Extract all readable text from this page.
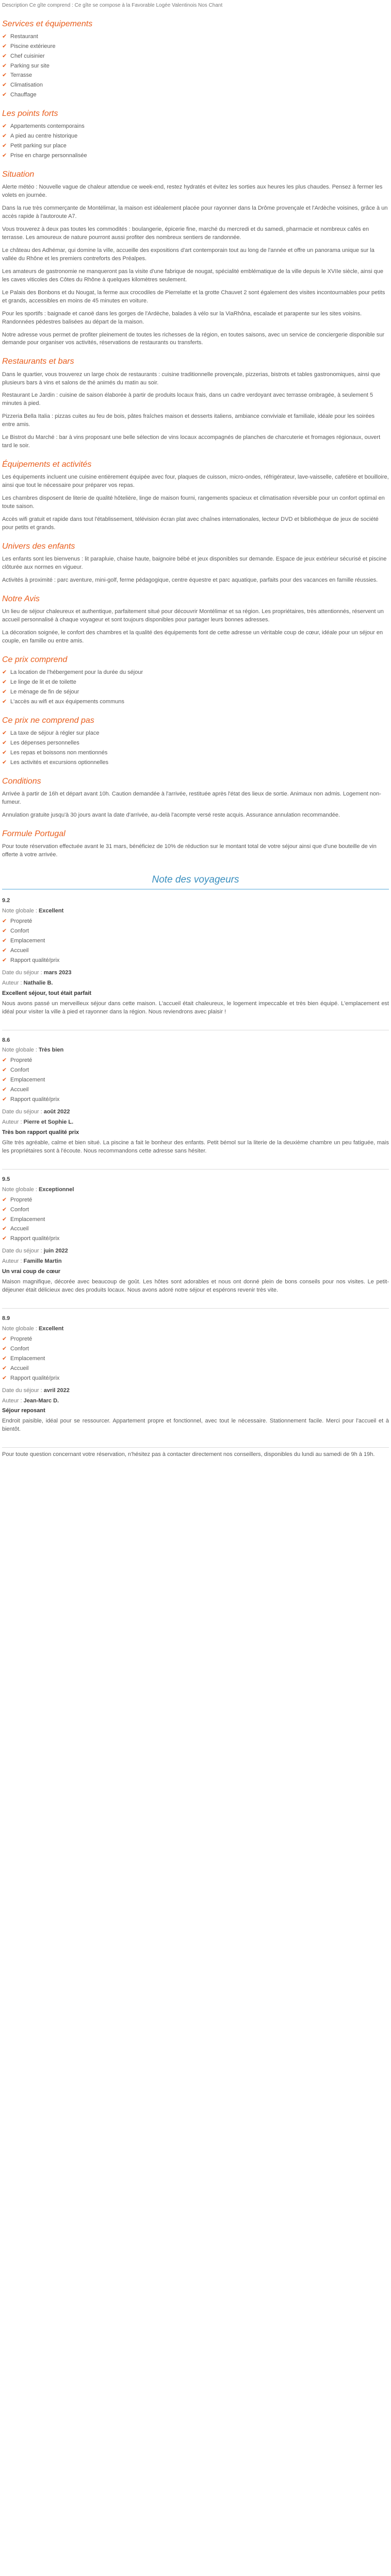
Description Ce gîte comprend : Ce gîte se compose à la Favorable Logée Valentinois Nos Chant
Services et équipements
✔ Restaurant
✔ Piscine extérieure
✔ Chef cuisinier
✔ Parking sur site
✔ Terrasse
✔ Climatisation
✔ Chauffage
Les points forts
✔ Appartements contemporains
✔ A pied au centre historique
✔ Petit parking sur place
✔ Prise en charge personnalisée
Situation

Alerte météo : Nouvelle vague de chaleur attendue ce week-end, restez hydratés et évitez les sorties aux heures les plus chaudes. Pensez à fermer les volets en journée.

Dans la rue très commerçante de Montélimar, la maison est idéalement placée pour rayonner dans la Drôme provençale et l'Ardèche voisines, grâce à un accès rapide à l'autoroute A7.

Vous trouverez à deux pas toutes les commodités : boulangerie, épicerie fine, marché du mercredi et du samedi, pharmacie et nombreux cafés en terrasse. Les amoureux de nature pourront aussi profiter des nombreux sentiers de randonnée.

Le château des Adhémar, qui domine la ville, accueille des expositions d'art contemporain tout au long de l'année et offre un panorama unique sur la vallée du Rhône et les premiers contreforts des Préalpes.

Les amateurs de gastronomie ne manqueront pas la visite d'une fabrique de nougat, spécialité emblématique de la ville depuis le XVIIe siècle, ainsi que les caves viticoles des Côtes du Rhône à quelques kilomètres seulement.

Le Palais des Bonbons et du Nougat, la ferme aux crocodiles de Pierrelatte et la grotte Chauvet 2 sont également des visites incontournables pour petits et grands, accessibles en moins de 45 minutes en voiture.

Pour les sportifs : baignade et canoë dans les gorges de l'Ardèche, balades à vélo sur la ViaRhôna, escalade et parapente sur les sites voisins. Randonnées pédestres balisées au départ de la maison.

Notre adresse vous permet de profiter pleinement de toutes les richesses de la région, en toutes saisons, avec un service de conciergerie disponible sur demande pour organiser vos activités, réservations de restaurants ou transferts.

Restaurants et bars

Dans le quartier, vous trouverez un large choix de restaurants : cuisine traditionnelle provençale, pizzerias, bistrots et tables gastronomiques, ainsi que plusieurs bars à vins et salons de thé animés du matin au soir.

Restaurant Le Jardin : cuisine de saison élaborée à partir de produits locaux frais, dans un cadre verdoyant avec terrasse ombragée, à seulement 5 minutes à pied.

Pizzeria Bella Italia : pizzas cuites au feu de bois, pâtes fraîches maison et desserts italiens, ambiance conviviale et familiale, idéale pour les soirées entre amis.

Le Bistrot du Marché : bar à vins proposant une belle sélection de vins locaux accompagnés de planches de charcuterie et fromages régionaux, ouvert tard le soir.

Équipements et activités

Les équipements incluent une cuisine entièrement équipée avec four, plaques de cuisson, micro-ondes, réfrigérateur, lave-vaisselle, cafetière et bouilloire, ainsi que tout le nécessaire pour préparer vos repas.

Les chambres disposent de literie de qualité hôtelière, linge de maison fourni, rangements spacieux et climatisation réversible pour un confort optimal en toute saison.

Accès wifi gratuit et rapide dans tout l'établissement, télévision écran plat avec chaînes internationales, lecteur DVD et bibliothèque de jeux de société pour petits et grands.

Univers des enfants

Les enfants sont les bienvenus : lit parapluie, chaise haute, baignoire bébé et jeux disponibles sur demande. Espace de jeux extérieur sécurisé et piscine clôturée aux normes en vigueur.

Activités à proximité : parc aventure, mini-golf, ferme pédagogique, centre équestre et parc aquatique, parfaits pour des vacances en famille réussies.

Notre Avis

Un lieu de séjour chaleureux et authentique, parfaitement situé pour découvrir Montélimar et sa région. Les propriétaires, très attentionnés, réservent un accueil personnalisé à chaque voyageur et sont toujours disponibles pour partager leurs bonnes adresses.

La décoration soignée, le confort des chambres et la qualité des équipements font de cette adresse un véritable coup de cœur, idéale pour un séjour en couple, en famille ou entre amis.

Ce prix comprend
✔ La location de l'hébergement pour la durée du séjour
✔ Le linge de lit et de toilette
✔ Le ménage de fin de séjour
✔ L'accès au wifi et aux équipements communs
Ce prix ne comprend pas
✔ La taxe de séjour à régler sur place
✔ Les dépenses personnelles
✔ Les repas et boissons non mentionnés
✔ Les activités et excursions optionnelles
Conditions

Arrivée à partir de 16h et départ avant 10h. Caution demandée à l'arrivée, restituée après l'état des lieux de sortie. Animaux non admis. Logement non-fumeur.

Annulation gratuite jusqu'à 30 jours avant la date d'arrivée, au-delà l'acompte versé reste acquis. Assurance annulation recommandée.

Formule Portugal

Pour toute réservation effectuée avant le 31 mars, bénéficiez de 10% de réduction sur le montant total de votre séjour ainsi que d'une bouteille de vin offerte à votre arrivée.

Note des voyageurs

9.2

Note globale : Excellent

✔ Propreté
✔ Confort
✔ Emplacement
✔ Accueil
✔ Rapport qualité/prix

Date du séjour : mars 2023

Auteur : Nathalie B.

Excellent séjour, tout était parfait

Nous avons passé un merveilleux séjour dans cette maison. L'accueil était chaleureux, le logement impeccable et très bien équipé. L'emplacement est idéal pour visiter la ville à pied et rayonner dans la région. Nous reviendrons avec plaisir !

8.6

Note globale : Très bien

✔ Propreté
✔ Confort
✔ Emplacement
✔ Accueil
✔ Rapport qualité/prix

Date du séjour : août 2022

Auteur : Pierre et Sophie L.

Très bon rapport qualité prix

Gîte très agréable, calme et bien situé. La piscine a fait le bonheur des enfants. Petit bémol sur la literie de la deuxième chambre un peu fatiguée, mais les propriétaires sont à l'écoute. Nous recommandons cette adresse sans hésiter.

9.5

Note globale : Exceptionnel

✔ Propreté
✔ Confort
✔ Emplacement
✔ Accueil
✔ Rapport qualité/prix

Date du séjour : juin 2022

Auteur : Famille Martin

Un vrai coup de cœur

Maison magnifique, décorée avec beaucoup de goût. Les hôtes sont adorables et nous ont donné plein de bons conseils pour nos visites. Le petit-déjeuner était délicieux avec des produits locaux. Nous avons adoré notre séjour et espérons revenir très vite.

8.9

Note globale : Excellent

✔ Propreté
✔ Confort
✔ Emplacement
✔ Accueil
✔ Rapport qualité/prix

Date du séjour : avril 2022

Auteur : Jean-Marc D.

Séjour reposant

Endroit paisible, idéal pour se ressourcer. Appartement propre et fonctionnel, avec tout le nécessaire. Stationnement facile. Merci pour l'accueil et à bientôt.

Pour toute question concernant votre réservation, n'hésitez pas à contacter directement nos conseillers, disponibles du lundi au samedi de 9h à 19h.
